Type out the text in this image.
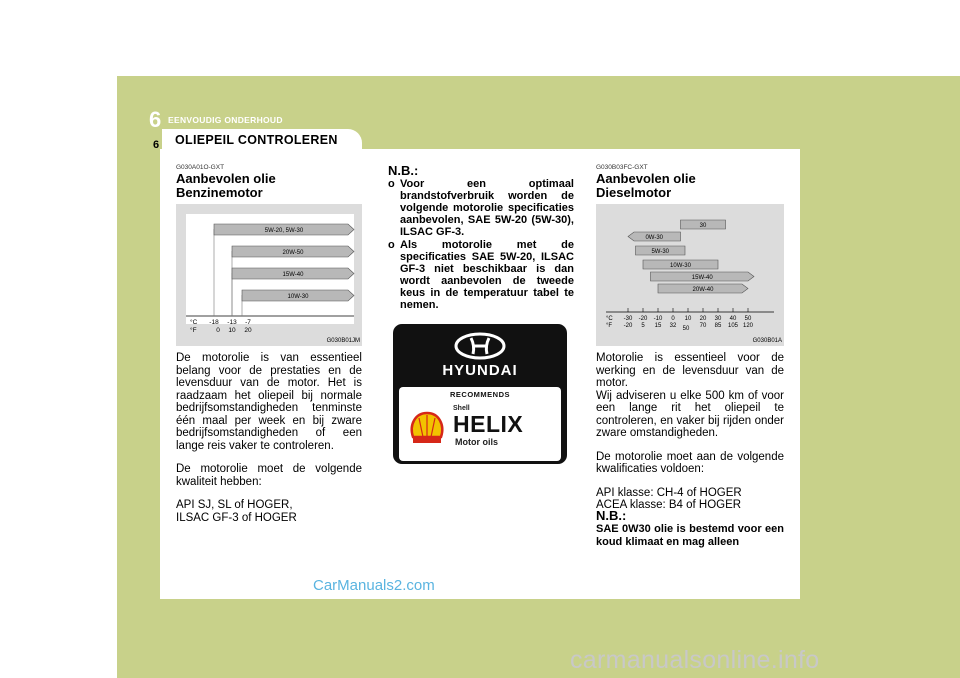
6 EENVOUDIG ONDERHOUD
6 OLIEPEIL CONTROLEREN
G030A01O-GXT
Aanbevolen olie
Benzinemotor
5W-20, 5W-30
20W-50
15W-40
10W-30
°C
°F
-18 -13 -7
0 10 20
G030B01JM

De motorolie is van essentieel belang voor de prestaties en de levensduur van de motor. Het is raadzaam het oliepeil bij normale bedrijfsomstandigheden tenminste één maal per week en bij zware bedrijfsomstandigheden of een lange reis vaker te controleren.

De motorolie moet de volgende kwaliteit hebben:

API SJ, SL of HOGER,
ILSAC GF-3 of HOGER

N.B.:
o Voor een optimaal brandstofverbruik worden de volgende motorolie specificaties aanbevolen, SAE 5W-20 (5W-30), ILSAC GF-3.
o Als motorolie met de specificaties SAE 5W-20, ILSAC GF-3 niet beschikbaar is dan wordt aanbevolen de tweede keus in de temperatuur tabel te nemen.
HYUNDAI
RECOMMENDS
Shell
HELIX
Motor oils
G030B03FC-GXT
Aanbevolen olie
Dieselmotor
30
0W-30
5W-30
10W-30
15W-40
20W-40
°C
°F
-30 -20 -10 0 10 20 30 40 50
-20 5 15 32 50 70 85 105 120
G030B01A

Motorolie is essentieel voor de werking en de levensduur van de motor.

Wij adviseren u elke 500 km of voor een lange rit het oliepeil te controleren, en vaker bij rijden onder zware omstandigheden.

De motorolie moet aan de volgende kwalificaties voldoen:

API klasse: CH-4 of HOGER
ACEA klasse: B4 of HOGER

N.B.:
SAE 0W30 olie is bestemd voor een koud klimaat en mag alleen
CarManuals2.com
carmanualsonline.info
